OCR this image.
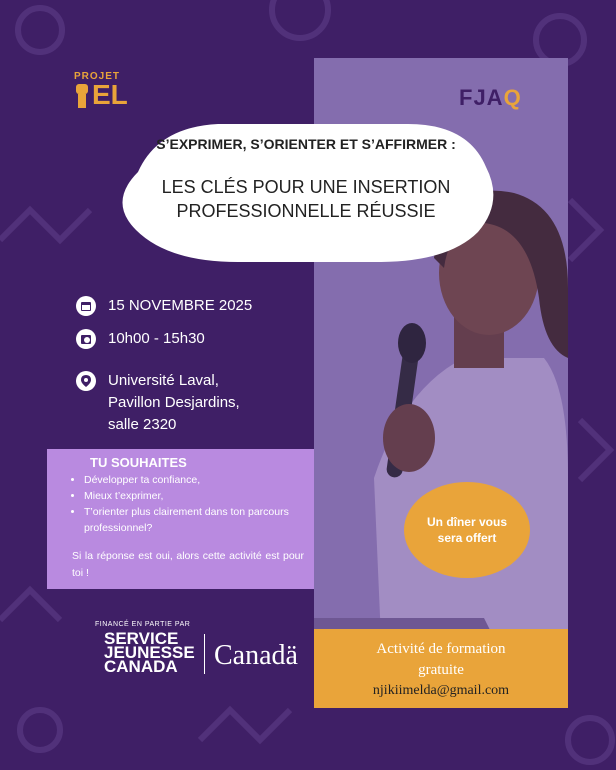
PROJET
EL	FJAQ
S’EXPRIMER, S’ORIENTER ET S’AFFIRMER :
LES CLÉS POUR UNE INSERTION
PROFESSIONNELLE RÉUSSIE
15 NOVEMBRE 2025
10h00 - 15h30
Université Laval,
Pavillon Desjardins,
salle 2320
TU SOUHAITES
• Développer ta confiance,
• Mieux t’exprimer,
• T’orienter plus clairement dans ton parcours professionnel?
Si la réponse est oui, alors cette activité est pour toi !
Un dîner vous sera offert
Activité de formation
gratuite
njikiimelda@gmail.com
FINANCÉ EN PARTIE PAR
SERVICE
JEUNESSE
CANADA	Canadä
